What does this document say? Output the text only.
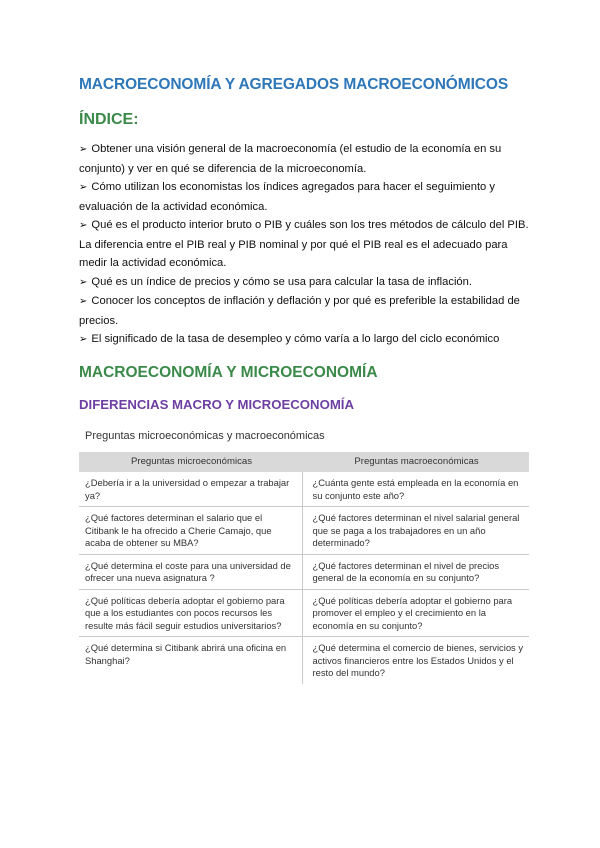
MACROECONOMÍA Y AGREGADOS MACROECONÓMICOS
ÍNDICE:

➢ Obtener una visión general de la macroeconomía (el estudio de la economía en su conjunto) y ver en qué se diferencia de la microeconomía.

➢ Cómo utilizan los economistas los índices agregados para hacer el seguimiento y evaluación de la actividad económica.

➢ Qué es el producto interior bruto o PIB y cuáles son los tres métodos de cálculo del PIB. La diferencia entre el PIB real y PIB nominal y por qué el PIB real es el adecuado para medir la actividad económica.

➢ Qué es un índice de precios y cómo se usa para calcular la tasa de inflación.

➢ Conocer los conceptos de inflación y deflación y por qué es preferible la estabilidad de precios.

➢ El significado de la tasa de desempleo y cómo varía a lo largo del ciclo económico

MACROECONOMÍA Y MICROECONOMÍA
DIFERENCIAS MACRO Y MICROECONOMÍA
Preguntas microeconómicas y macroeconómicas
Preguntas microeconómicas	Preguntas macroeconómicas
¿Debería ir a la universidad o empezar a trabajar ya?
¿Cuánta gente está empleada en la economía en su conjunto este año?
¿Qué factores determinan el salario que el Citibank le ha ofrecido a Cherie Camajo, que acaba de obtener su MBA?
¿Qué factores determinan el nivel salarial general que se paga a los trabajadores en un año determinado?
¿Qué determina el coste para una universidad de ofrecer una nueva asignatura ?
¿Qué factores determinan el nivel de precios general de la economía en su conjunto?
¿Qué políticas debería adoptar el gobierno para que a los estudiantes con pocos recursos les resulte más fácil seguir estudios universitarios?
¿Qué políticas debería adoptar el gobierno para promover el empleo y el crecimiento en la economía en su conjunto?
¿Qué determina si Citibank abrirá una oficina en Shanghai?
¿Qué determina el comercio de bienes, servicios y activos financieros entre los Estados Unidos y el resto del mundo?
